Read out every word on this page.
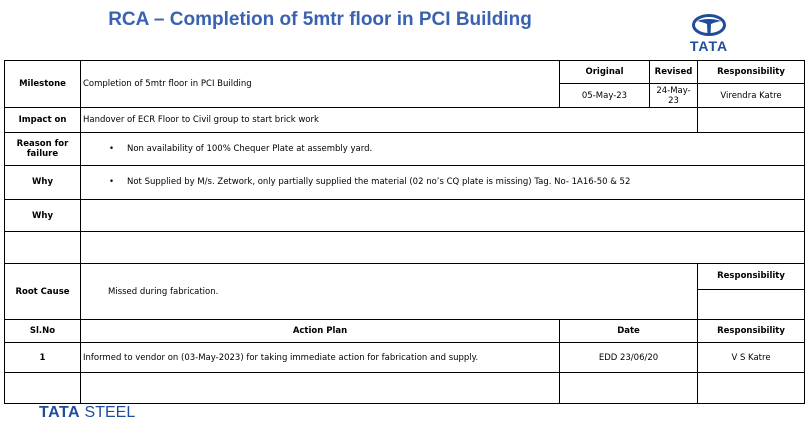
RCA – Completion of 5mtr floor in PCI Building
TATA
Milestone	Completion of 5mtr floor in PCI Building	Original	Revised	Responsibility
		05-May-23	24-May-23	Virendra Katre
Impact on	Handover of ECR Floor to Civil group to start brick work			
Reason for failure	• Non availability of 100% Chequer Plate at assembly yard.			
Why	• Not Supplied by M/s. Zetwork, only partially supplied the material (02 no’s CQ plate is missing) Tag. No- 1A16-50 & 52			
Why				

Root Cause	Missed during fabrication.			Responsibility

Sl.No	Action Plan	Date		Responsibility
1	Informed to vendor on (03-May-2023) for taking immediate action for fabrication and supply.	EDD 23/06/20		V S Katre

TATA STEEL
